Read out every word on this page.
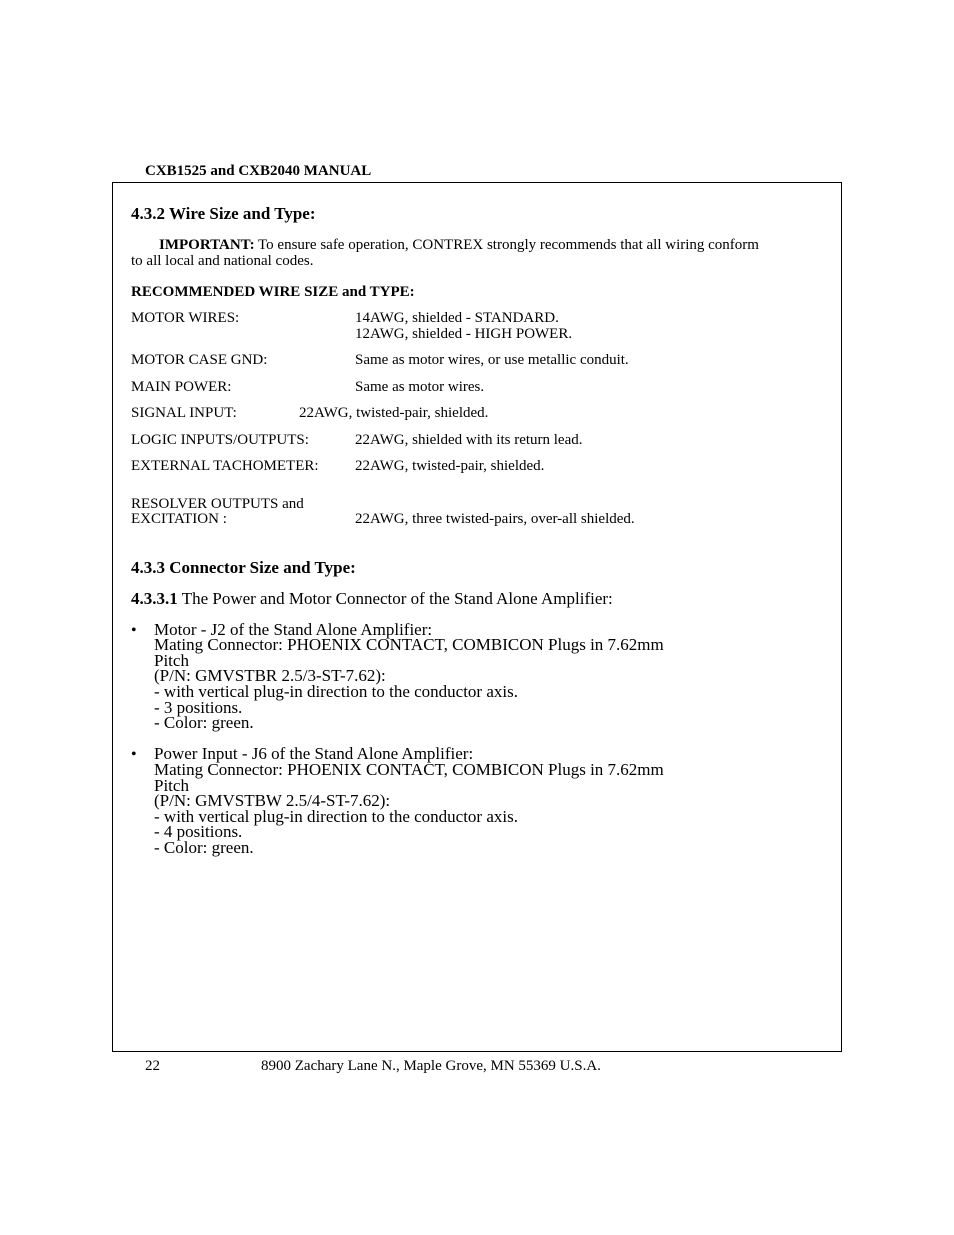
CXB1525 and CXB2040 MANUAL
4.3.2 Wire Size and Type:
IMPORTANT: To ensure safe operation, CONTREX strongly recommends that all wiring conform
to all local and national codes.
RECOMMENDED WIRE SIZE and TYPE:
MOTOR WIRES:	14AWG, shielded - STANDARD.
12AWG, shielded - HIGH POWER.
MOTOR CASE GND:	Same as motor wires, or use metallic conduit.
MAIN POWER:	Same as motor wires.
SIGNAL INPUT:	22AWG, twisted-pair, shielded.
LOGIC INPUTS/OUTPUTS:	22AWG, shielded with its return lead.
EXTERNAL TACHOMETER: 22AWG, twisted-pair, shielded.
RESOLVER OUTPUTS and
EXCITATION :	22AWG, three twisted-pairs, over-all shielded.
4.3.3 Connector Size and Type:
4.3.3.1 The Power and Motor Connector of the Stand Alone Amplifier:
• Motor - J2 of the Stand Alone Amplifier:
Mating Connector: PHOENIX CONTACT, COMBICON Plugs in 7.62mm
Pitch
(P/N: GMVSTBR 2.5/3-ST-7.62):
- with vertical plug-in direction to the conductor axis.
- 3 positions.
- Color: green.
• Power Input - J6 of the Stand Alone Amplifier:
Mating Connector: PHOENIX CONTACT, COMBICON Plugs in 7.62mm
Pitch
(P/N: GMVSTBW 2.5/4-ST-7.62):
- with vertical plug-in direction to the conductor axis.
- 4 positions.
- Color: green.
22	8900 Zachary Lane N., Maple Grove, MN 55369 U.S.A.
